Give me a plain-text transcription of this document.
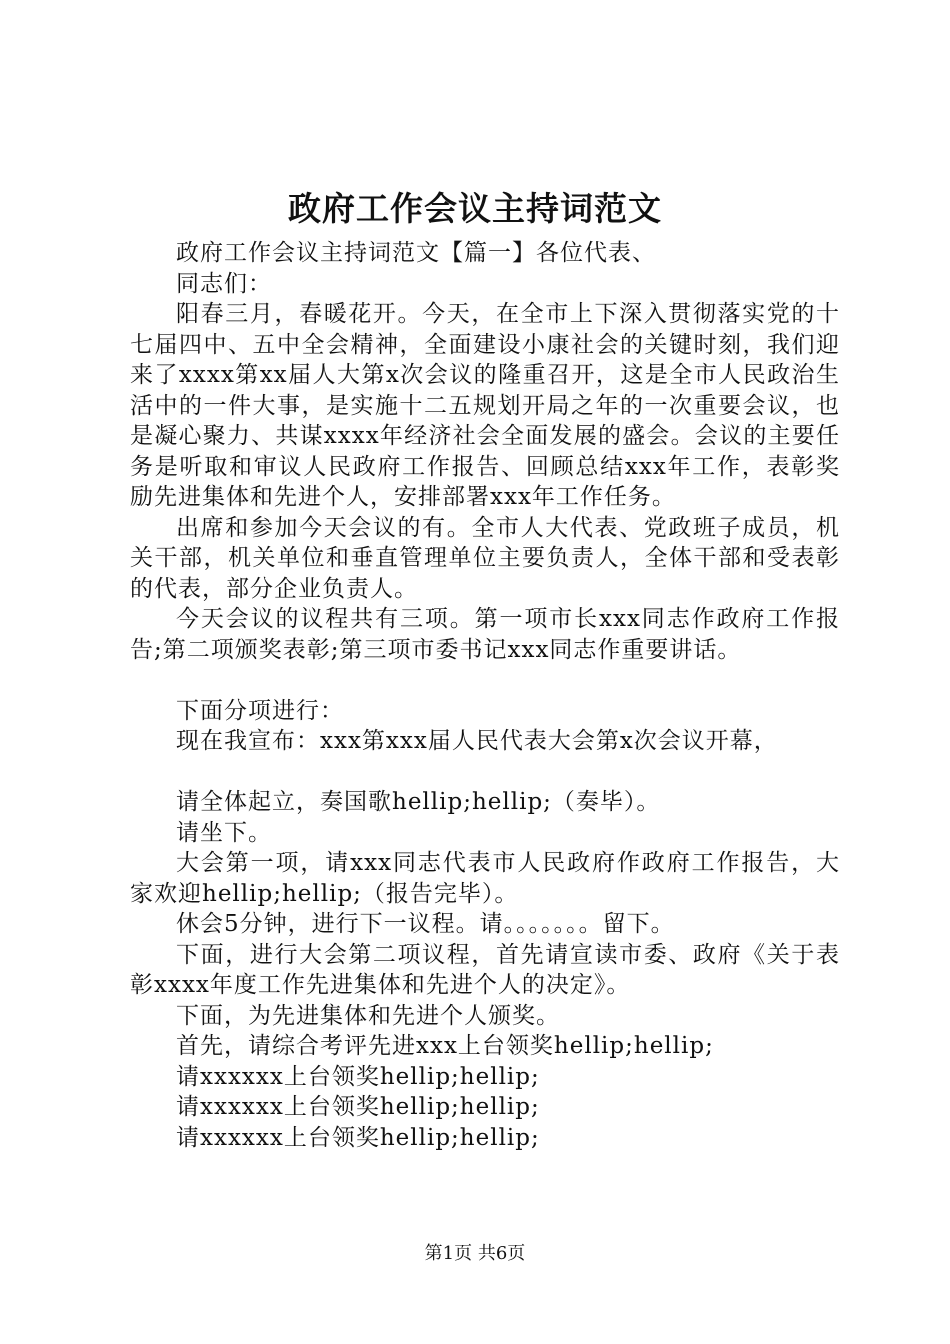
政府工作会议主持词范文

政府工作会议主持词范文【篇一】各位代表、

同志们：

阳春三月，春暖花开。今天，在全市上下深入贯彻落实党的十七届四中、五中全会精神，全面建设小康社会的关键时刻，我们迎来了xxxx第xx届人大第x次会议的隆重召开，这是全市人民政治生活中的一件大事，是实施十二五规划开局之年的一次重要会议，也是凝心聚力、共谋xxxx年经济社会全面发展的盛会。会议的主要任务是听取和审议人民政府工作报告、回顾总结xxx年工作，表彰奖励先进集体和先进个人，安排部署xxx年工作任务。

出席和参加今天会议的有。全市人大代表、党政班子成员，机关干部，机关单位和垂直管理单位主要负责人，全体干部和受表彰的代表，部分企业负责人。

今天会议的议程共有三项。第一项市长xxx同志作政府工作报告;第二项颁奖表彰;第三项市委书记xxx同志作重要讲话。

下面分项进行：

现在我宣布：xxx第xxx届人民代表大会第x次会议开幕，

请全体起立，奏国歌hellip;hellip;（奏毕）。

请坐下。

大会第一项，请xxx同志代表市人民政府作政府工作报告，大家欢迎hellip;hellip;（报告完毕）。

休会5分钟，进行下一议程。请。。。。。。。留下。

下面，进行大会第二项议程，首先请宣读市委、政府《关于表彰xxxx年度工作先进集体和先进个人的决定》。

下面，为先进集体和先进个人颁奖。

首先，请综合考评先进xxx上台领奖hellip;hellip;

请xxxxxx上台领奖hellip;hellip;

请xxxxxx上台领奖hellip;hellip;

请xxxxxx上台领奖hellip;hellip;

第1页 共6页
